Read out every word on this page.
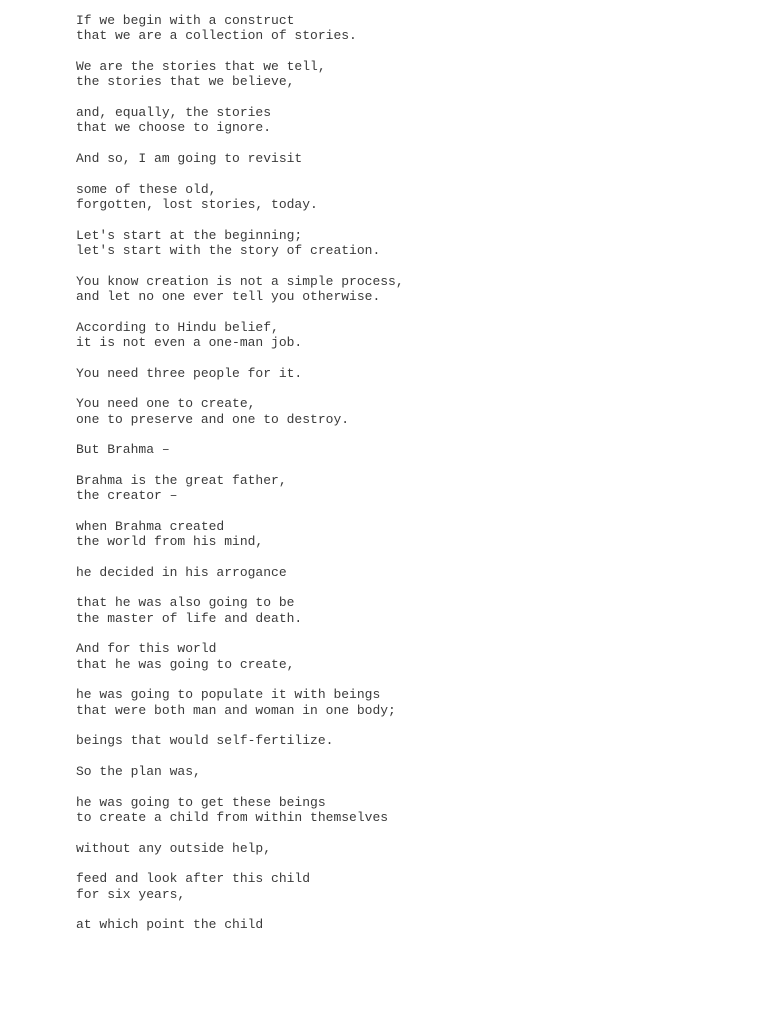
If we begin with a construct
that we are a collection of stories.
We are the stories that we tell,
the stories that we believe,
and, equally, the stories
that we choose to ignore.
And so, I am going to revisit
some of these old,
forgotten, lost stories, today.
Let's start at the beginning;
let's start with the story of creation.
You know creation is not a simple process,
and let no one ever tell you otherwise.
According to Hindu belief,
it is not even a one-man job.
You need three people for it.
You need one to create,
one to preserve and one to destroy.
But Brahma –
Brahma is the great father,
the creator –
when Brahma created
the world from his mind,
he decided in his arrogance
that he was also going to be
the master of life and death.
And for this world
that he was going to create,
he was going to populate it with beings
that were both man and woman in one body;
beings that would self-fertilize.
So the plan was,
he was going to get these beings
to create a child from within themselves
without any outside help,
feed and look after this child
for six years,
at which point the child
